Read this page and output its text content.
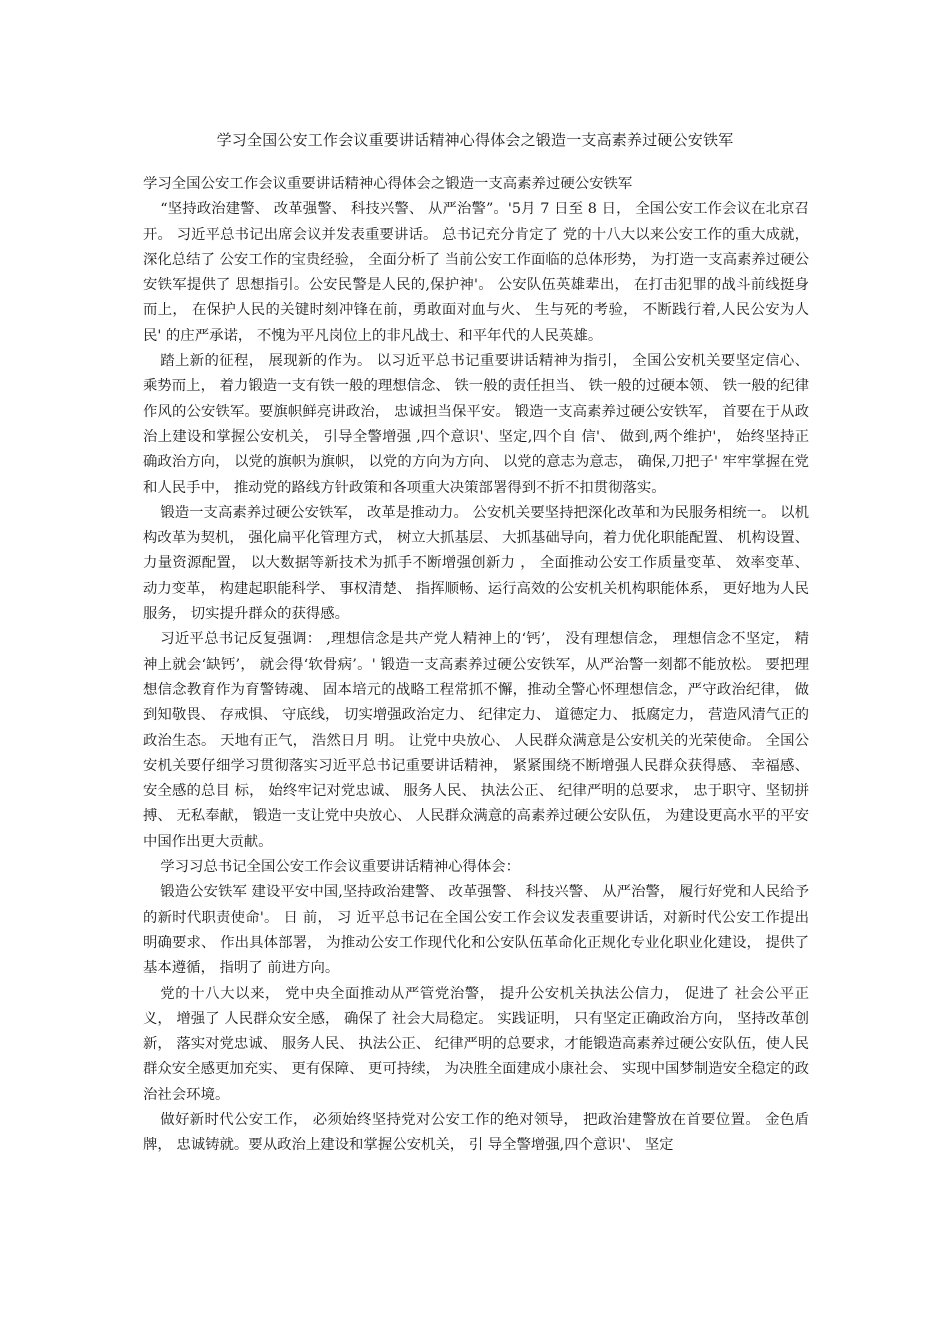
学习全国公安工作会议重要讲话精神心得体会之锻造一支高素养过硬公安铁军

学习全国公安工作会议重要讲话精神心得体会之锻造一支高素养过硬公安铁军

“坚持政治建警、 改革强警、 科技兴警、 从严治警”。'5月 7 日至 8 日， 全国公安工作会议在北京召开。 习近平总书记出席会议并发表重要讲话。 总书记充分肯定了 党的十八大以来公安工作的重大成就， 深化总结了 公安工作的宝贵经验， 全面分析了 当前公安工作面临的总体形势， 为打造一支高素养过硬公安铁军提供了 思想指引。公安民警是人民的,保护神'。 公安队伍英雄辈出， 在打击犯罪的战斗前线挺身而上， 在保护人民的关键时刻冲锋在前，勇敢面对血与火、 生与死的考验， 不断践行着,人民公安为人民' 的庄严承诺， 不愧为平凡岗位上的非凡战士、和平年代的人民英雄。

踏上新的征程， 展现新的作为。 以习近平总书记重要讲话精神为指引， 全国公安机关要坚定信心、 乘势而上， 着力锻造一支有铁一般的理想信念、 铁一般的责任担当、 铁一般的过硬本领、 铁一般的纪律作风的公安铁军。要旗帜鲜亮讲政治， 忠诚担当保平安。 锻造一支高素养过硬公安铁军， 首要在于从政治上建设和掌握公安机关， 引导全警增强 ,四个意识'、坚定,四个自 信'、 做到,两个维护'， 始终坚持正确政治方向， 以党的旗帜为旗帜， 以党的方向为方向、 以党的意志为意志， 确保,刀把子' 牢牢掌握在党和人民手中， 推动党的路线方针政策和各项重大决策部署得到不折不扣贯彻落实。

锻造一支高素养过硬公安铁军， 改革是推动力。 公安机关要坚持把深化改革和为民服务相统一。 以机构改革为契机， 强化扁平化管理方式， 树立大抓基层、 大抓基础导向，着力优化职能配置、 机构设置、 力量资源配置， 以大数据等新技术为抓手不断增强创新力 ， 全面推动公安工作质量变革、 效率变革、 动力变革， 构建起职能科学、 事权清楚、 指挥顺畅、运行高效的公安机关机构职能体系， 更好地为人民服务， 切实提升群众的获得感。

习近平总书记反复强调： ,理想信念是共产党人精神上的‘钙’， 没有理想信念， 理想信念不坚定， 精神上就会‘缺钙’， 就会得‘软骨病’。' 锻造一支高素养过硬公安铁军，从严治警一刻都不能放松。 要把理想信念教育作为育警铸魂、 固本培元的战略工程常抓不懈，推动全警心怀理想信念，严守政治纪律， 做到知敬畏、 存戒惧、 守底线， 切实增强政治定力、 纪律定力、 道德定力、 抵腐定力， 营造风清气正的政治生态。 天地有正气， 浩然日月 明。 让党中央放心、 人民群众满意是公安机关的光荣使命。 全国公安机关要仔细学习贯彻落实习近平总书记重要讲话精神， 紧紧围绕不断增强人民群众获得感、 幸福感、 安全感的总目 标， 始终牢记对党忠诚、 服务人民、 执法公正、 纪律严明的总要求， 忠于职守、坚韧拼搏、 无私奉献， 锻造一支让党中央放心、 人民群众满意的高素养过硬公安队伍， 为建设更高水平的平安中国作出更大贡献。

学习习总书记全国公安工作会议重要讲话精神心得体会：

锻造公安铁军 建设平安中国,坚持政治建警、 改革强警、 科技兴警、 从严治警， 履行好党和人民给予的新时代职责使命'。 日 前， 习 近平总书记在全国公安工作会议发表重要讲话，对新时代公安工作提出明确要求、 作出具体部署， 为推动公安工作现代化和公安队伍革命化正规化专业化职业化建设， 提供了 基本遵循， 指明了 前进方向。

党的十八大以来， 党中央全面推动从严管党治警， 提升公安机关执法公信力， 促进了 社会公平正义， 增强了 人民群众安全感， 确保了 社会大局稳定。 实践证明， 只有坚定正确政治方向， 坚持改革创新， 落实对党忠诚、 服务人民、 执法公正、 纪律严明的总要求，才能锻造高素养过硬公安队伍，使人民群众安全感更加充实、 更有保障、 更可持续， 为决胜全面建成小康社会、 实现中国梦制造安全稳定的政治社会环境。

做好新时代公安工作， 必须始终坚持党对公安工作的绝对领导， 把政治建警放在首要位置。 金色盾牌， 忠诚铸就。要从政治上建设和掌握公安机关， 引 导全警增强,四个意识'、 坚定
